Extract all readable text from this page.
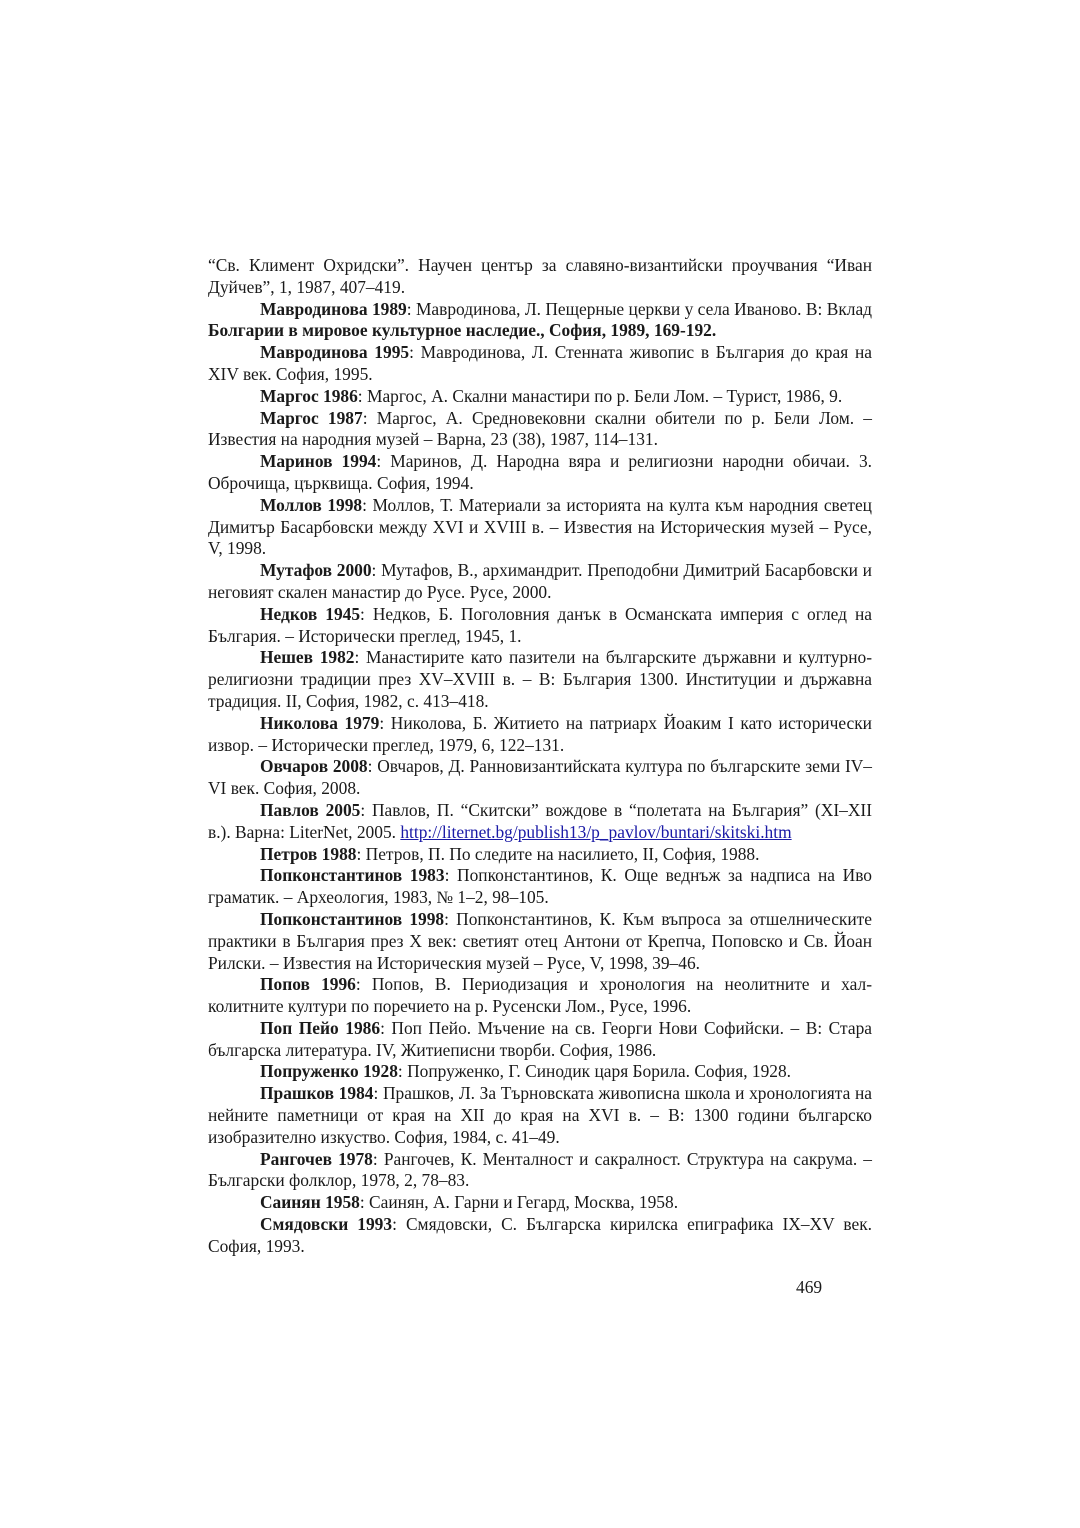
“Св. Климент Охридски”. Научен център за славяно-византийски проучвания “Иван Дуйчев”, 1, 1987, 407–419.

Мавродинова 1989: Мавродинова, Л. Пещерные церкви у села Иваново. В: Вклад Болгарии в мировое культурное наследие., София, 1989, 169-192.

Мавродинова 1995: Мавродинова, Л. Стенната живопис в България до края на XIV век. София, 1995.

Маргос 1986: Маргос, А. Скални манастири по р. Бели Лом. – Турист, 1986, 9.

Маргос 1987: Маргос, А. Средновековни скални обители по р. Бели Лом. – Известия на народния музей – Варна, 23 (38), 1987, 114–131.

Маринов 1994: Маринов, Д. Народна вяра и религиозни народни обичаи. 3. Оброчища, църквища. София, 1994.

Моллов 1998: Моллов, Т. Материали за историята на култа към народния светец Димитър Басарбовски между XVI и XVIII в. – Известия на Историческия музей – Русе, V, 1998.

Мутафов 2000: Мутафов, В., архимандрит. Преподобни Димитрий Басарбовски и неговият скален манастир до Русе. Русе, 2000.

Недков 1945: Недков, Б. Поголовния данък в Османската империя с оглед на България. – Исторически преглед, 1945, 1.

Нешев 1982: Манастирите като пазители на българските държавни и културно-религиозни традиции през XV–XVIII в. – В: България 1300. Институции и държавна традиция. II, София, 1982, с. 413–418.

Николова 1979: Николова, Б. Житието на патриарх Йоаким I като исторически извор. – Исторически преглед, 1979, 6, 122–131.

Овчаров 2008: Овчаров, Д. Ранновизантийската култура по българските земи IV–VI век. София, 2008.

Павлов 2005: Павлов, П. “Скитски” вождове в “полетата на България” (XI–XII в.). Варна: LiterNet, 2005. http://liternet.bg/publish13/p_pavlov/buntari/skitski.htm

Петров 1988: Петров, П. По следите на насилието, II, София, 1988.

Попконстантинов 1983: Попконстантинов, К. Още веднъж за надписа на Иво граматик. – Археология, 1983, № 1–2, 98–105.

Попконстантинов 1998: Попконстантинов, К. Към въпроса за отшелническите практики в България през X век: светият отец Антони от Крепча, Поповско и Св. Йоан Рилски. – Известия на Историческия музей – Русе, V, 1998, 39–46.

Попов 1996: Попов, В. Периодизация и хронология на неолитните и халколитните култури по поречието на р. Русенски Лом., Русе, 1996.

Поп Пейо 1986: Поп Пейо. Мъчение на св. Георги Нови Софийски. – В: Стара българска литература. IV, Житиеписни творби. София, 1986.

Попруженко 1928: Попруженко, Г. Синодик царя Борила. София, 1928.

Прашков 1984: Прашков, Л. За Търновската живописна школа и хронологията на нейните паметници от края на XII до края на XVI в. – В: 1300 години българско изобразително изкуство. София, 1984, с. 41–49.

Рангочев 1978: Рангочев, К. Менталност и сакралност. Структура на сакрума. – Български фолклор, 1978, 2, 78–83.

Саинян 1958: Саинян, А. Гарни и Гегард, Москва, 1958.

Смядовски 1993: Смядовски, С. Българска кирилска епиграфика IX–XV век. София, 1993.

469
